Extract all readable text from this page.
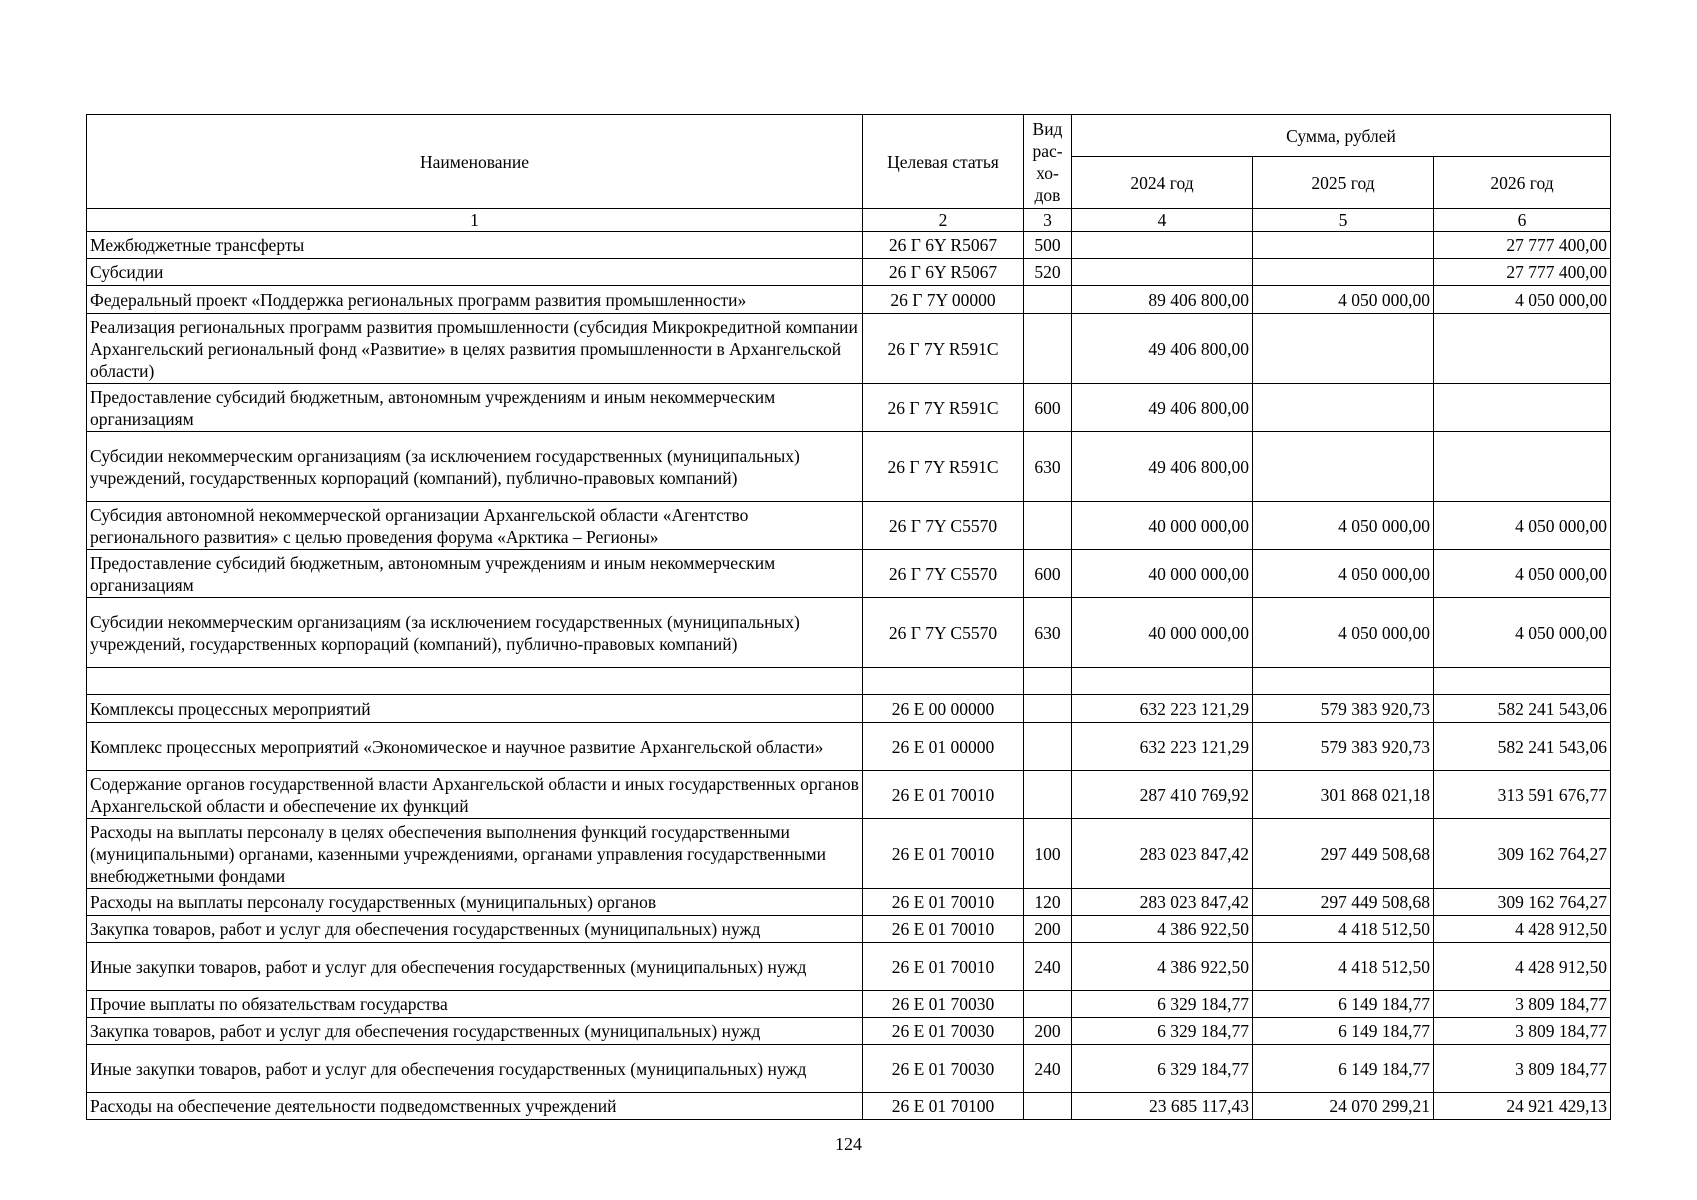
Наименование	Целевая статья	Вид рас-хо-дов	Сумма, рублей		
			2024 год	2025 год	2026 год
1	2	3	4	5	6
Межбюджетные трансферты	26 Г 6Y R5067	500			27 777 400,00
Субсидии	26 Г 6Y R5067	520			27 777 400,00
Федеральный проект «Поддержка региональных программ развития промышленности»	26 Г 7Y 00000		89 406 800,00	4 050 000,00	4 050 000,00
Реализация региональных программ развития промышленности (субсидия Микрокредитной компании Архангельский региональный фонд «Развитие» в целях развития промышленности в Архангельской области)	26 Г 7Y R591C		49 406 800,00		
Предоставление субсидий бюджетным, автономным учреждениям и иным некоммерческим организациям	26 Г 7Y R591C	600	49 406 800,00		
Субсидии некоммерческим организациям (за исключением государственных (муниципальных) учреждений, государственных корпораций (компаний), публично-правовых компаний)	26 Г 7Y R591C	630	49 406 800,00		
Субсидия автономной некоммерческой организации Архангельской области «Агентство регионального развития» с целью проведения форума «Арктика – Регионы»	26 Г 7Y C5570		40 000 000,00	4 050 000,00	4 050 000,00
Предоставление субсидий бюджетным, автономным учреждениям и иным некоммерческим организациям	26 Г 7Y C5570	600	40 000 000,00	4 050 000,00	4 050 000,00
Субсидии некоммерческим организациям (за исключением государственных (муниципальных) учреждений, государственных корпораций (компаний), публично-правовых компаний)	26 Г 7Y C5570	630	40 000 000,00	4 050 000,00	4 050 000,00

Комплексы процессных мероприятий	26 Е 00 00000		632 223 121,29	579 383 920,73	582 241 543,06
Комплекс процессных мероприятий «Экономическое и научное развитие Архангельской области»	26 Е 01 00000		632 223 121,29	579 383 920,73	582 241 543,06
Содержание органов государственной власти Архангельской области и иных государственных органов Архангельской области и обеспечение их функций	26 Е 01 70010		287 410 769,92	301 868 021,18	313 591 676,77
Расходы на выплаты персоналу в целях обеспечения выполнения функций государственными (муниципальными) органами, казенными учреждениями, органами управления государственными внебюджетными фондами	26 Е 01 70010	100	283 023 847,42	297 449 508,68	309 162 764,27
Расходы на выплаты персоналу государственных (муниципальных) органов	26 Е 01 70010	120	283 023 847,42	297 449 508,68	309 162 764,27
Закупка товаров, работ и услуг для обеспечения государственных (муниципальных) нужд	26 Е 01 70010	200	4 386 922,50	4 418 512,50	4 428 912,50
Иные закупки товаров, работ и услуг для обеспечения государственных (муниципальных) нужд	26 Е 01 70010	240	4 386 922,50	4 418 512,50	4 428 912,50
Прочие выплаты по обязательствам государства	26 Е 01 70030		6 329 184,77	6 149 184,77	3 809 184,77
Закупка товаров, работ и услуг для обеспечения государственных (муниципальных) нужд	26 Е 01 70030	200	6 329 184,77	6 149 184,77	3 809 184,77
Иные закупки товаров, работ и услуг для обеспечения государственных (муниципальных) нужд	26 Е 01 70030	240	6 329 184,77	6 149 184,77	3 809 184,77
Расходы на обеспечение деятельности подведомственных учреждений	26 Е 01 70100		23 685 117,43	24 070 299,21	24 921 429,13
124
